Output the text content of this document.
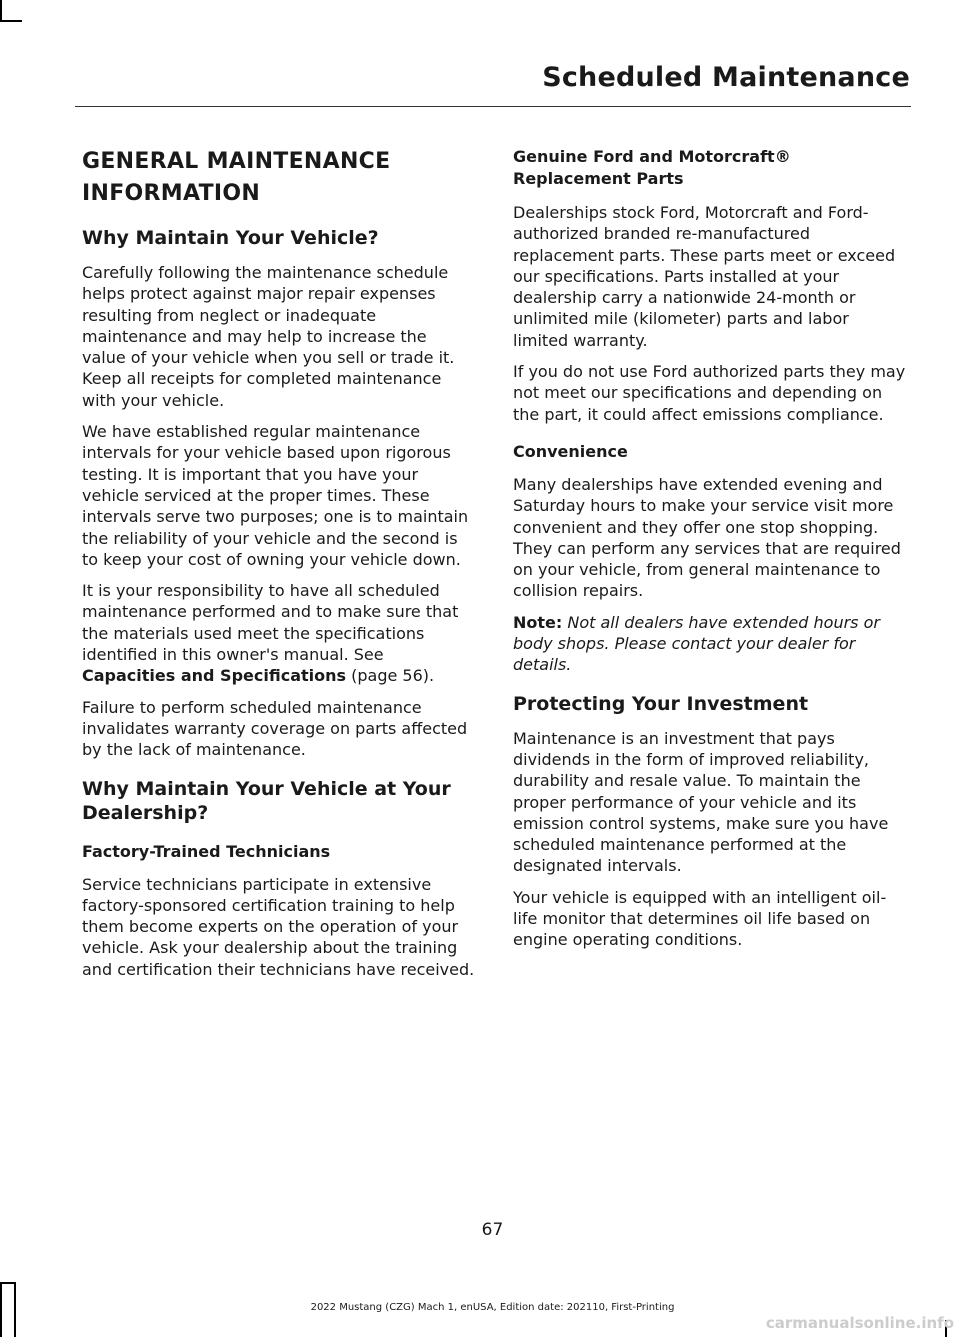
Scheduled Maintenance
GENERAL MAINTENANCE
INFORMATION
Why Maintain Your Vehicle?

Carefully following the maintenance schedule helps protect against major repair expenses resulting from neglect or inadequate maintenance and may help to increase the value of your vehicle when you sell or trade it. Keep all receipts for completed maintenance with your vehicle.

We have established regular maintenance intervals for your vehicle based upon rigorous testing. It is important that you have your vehicle serviced at the proper times. These intervals serve two purposes; one is to maintain the reliability of your vehicle and the second is to keep your cost of owning your vehicle down.

It is your responsibility to have all scheduled maintenance performed and to make sure that the materials used meet the specifications identified in this owner's manual. See Capacities and Specifications (page 56).

Failure to perform scheduled maintenance invalidates warranty coverage on parts affected by the lack of maintenance.

Why Maintain Your Vehicle at Your Dealership?
Factory-Trained Technicians

Service technicians participate in extensive factory-sponsored certification training to help them become experts on the operation of your vehicle. Ask your dealership about the training and certification their technicians have received.

Genuine Ford and Motorcraft® Replacement Parts

Dealerships stock Ford, Motorcraft and Ford-authorized branded re-manufactured replacement parts. These parts meet or exceed our specifications. Parts installed at your dealership carry a nationwide 24-month or unlimited mile (kilometer) parts and labor limited warranty.

If you do not use Ford authorized parts they may not meet our specifications and depending on the part, it could affect emissions compliance.

Convenience

Many dealerships have extended evening and Saturday hours to make your service visit more convenient and they offer one stop shopping. They can perform any services that are required on your vehicle, from general maintenance to collision repairs.

Note: Not all dealers have extended hours or body shops. Please contact your dealer for details.

Protecting Your Investment

Maintenance is an investment that pays dividends in the form of improved reliability, durability and resale value. To maintain the proper performance of your vehicle and its emission control systems, make sure you have scheduled maintenance performed at the designated intervals.

Your vehicle is equipped with an intelligent oil-life monitor that determines oil life based on engine operating conditions.

67
2022 Mustang (CZG) Mach 1, enUSA, Edition date: 202110, First-Printing
carmanualsonline.info
